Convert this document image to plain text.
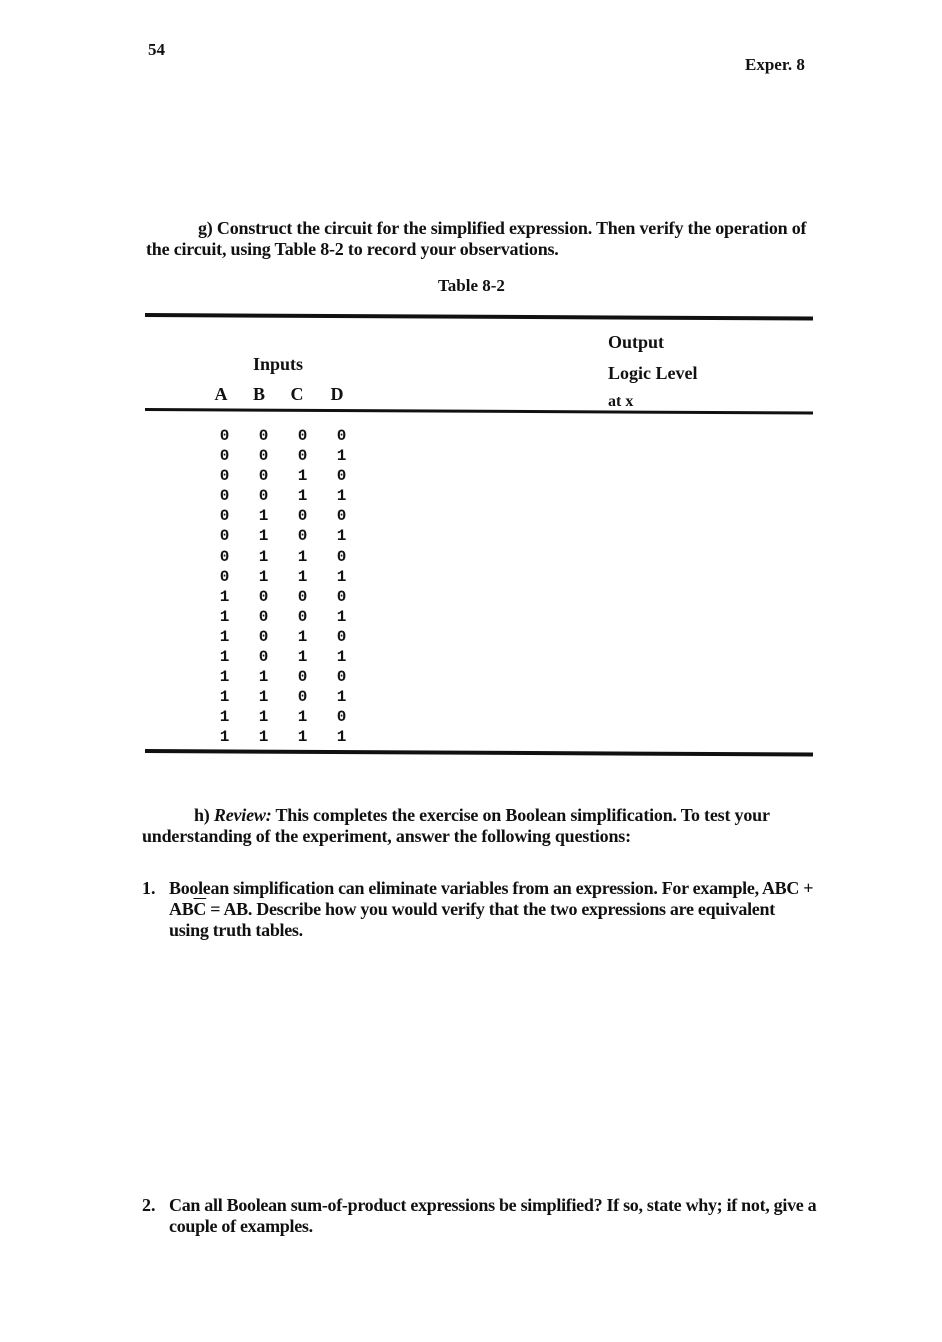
54
Exper. 8
g) Construct the circuit for the simplified expression. Then verify the operation of the circuit, using Table 8-2 to record your observations.
Table 8-2
Inputs
A	B	C	D
Output
Logic Level
at x
0	0	0	0
0	0	0	1
0	0	1	0
0	0	1	1
0	1	0	0
0	1	0	1
0	1	1	0
0	1	1	1
1	0	0	0
1	0	0	1
1	0	1	0
1	0	1	1
1	1	0	0
1	1	0	1
1	1	1	0
1	1	1	1
h) Review: This completes the exercise on Boolean simplification. To test your understanding of the experiment, answer the following questions:
1. Boolean simplification can eliminate variables from an expression. For example, ABC + $AB\overline{C}$ = AB. Describe how you would verify that the two expressions are equivalent using truth tables.
2. Can all Boolean sum-of-product expressions be simplified? If so, state why; if not, give a couple of examples.
